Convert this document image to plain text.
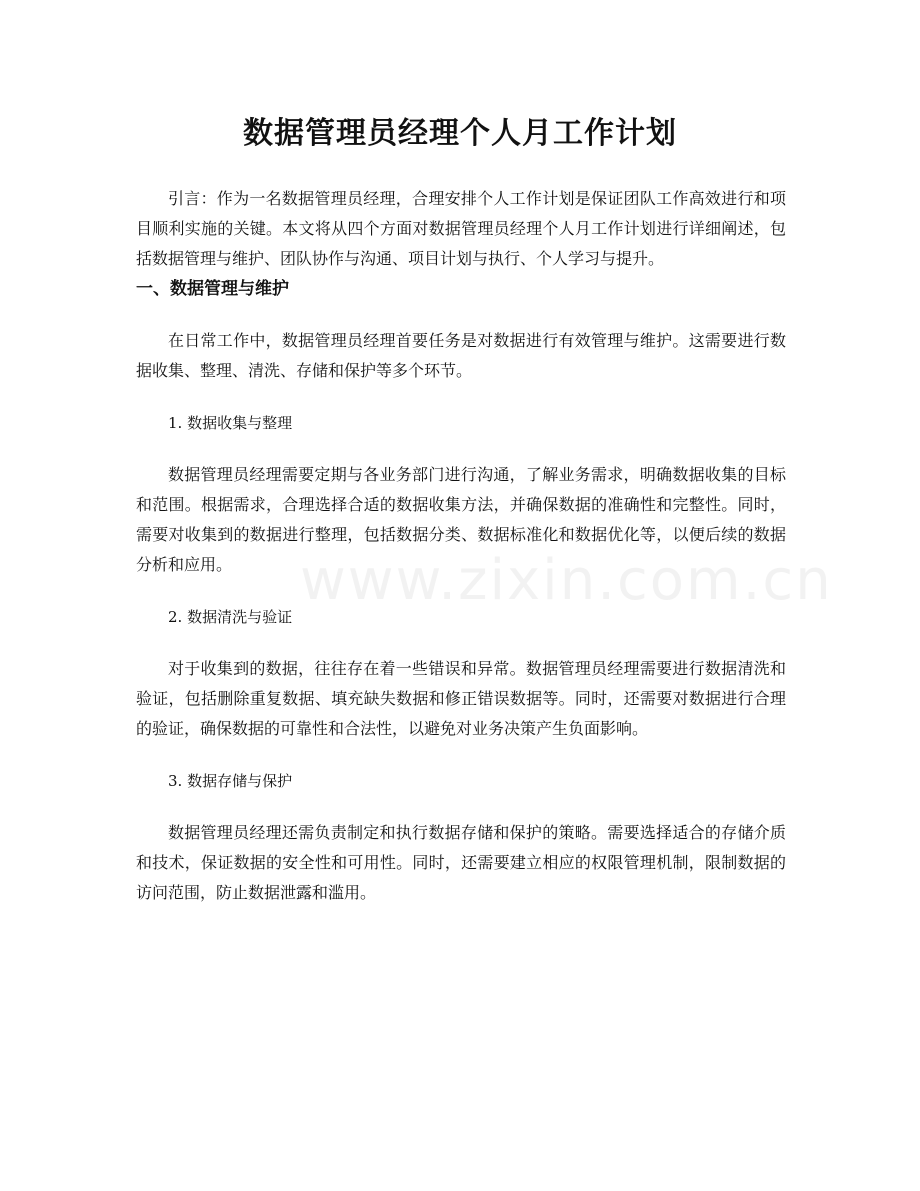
数据管理员经理个人月工作计划
www.zixin.com.cn

引言：作为一名数据管理员经理，合理安排个人工作计划是保证团队工作高效进行和项目顺利实施的关键。本文将从四个方面对数据管理员经理个人月工作计划进行详细阐述，包括数据管理与维护、团队协作与沟通、项目计划与执行、个人学习与提升。

一、数据管理与维护

在日常工作中，数据管理员经理首要任务是对数据进行有效管理与维护。这需要进行数据收集、整理、清洗、存储和保护等多个环节。

1. 数据收集与整理

数据管理员经理需要定期与各业务部门进行沟通，了解业务需求，明确数据收集的目标和范围。根据需求，合理选择合适的数据收集方法，并确保数据的准确性和完整性。同时，需要对收集到的数据进行整理，包括数据分类、数据标准化和数据优化等，以便后续的数据分析和应用。

2. 数据清洗与验证

对于收集到的数据，往往存在着一些错误和异常。数据管理员经理需要进行数据清洗和验证，包括删除重复数据、填充缺失数据和修正错误数据等。同时，还需要对数据进行合理的验证，确保数据的可靠性和合法性，以避免对业务决策产生负面影响。

3. 数据存储与保护

数据管理员经理还需负责制定和执行数据存储和保护的策略。需要选择适合的存储介质和技术，保证数据的安全性和可用性。同时，还需要建立相应的权限管理机制，限制数据的访问范围，防止数据泄露和滥用。
